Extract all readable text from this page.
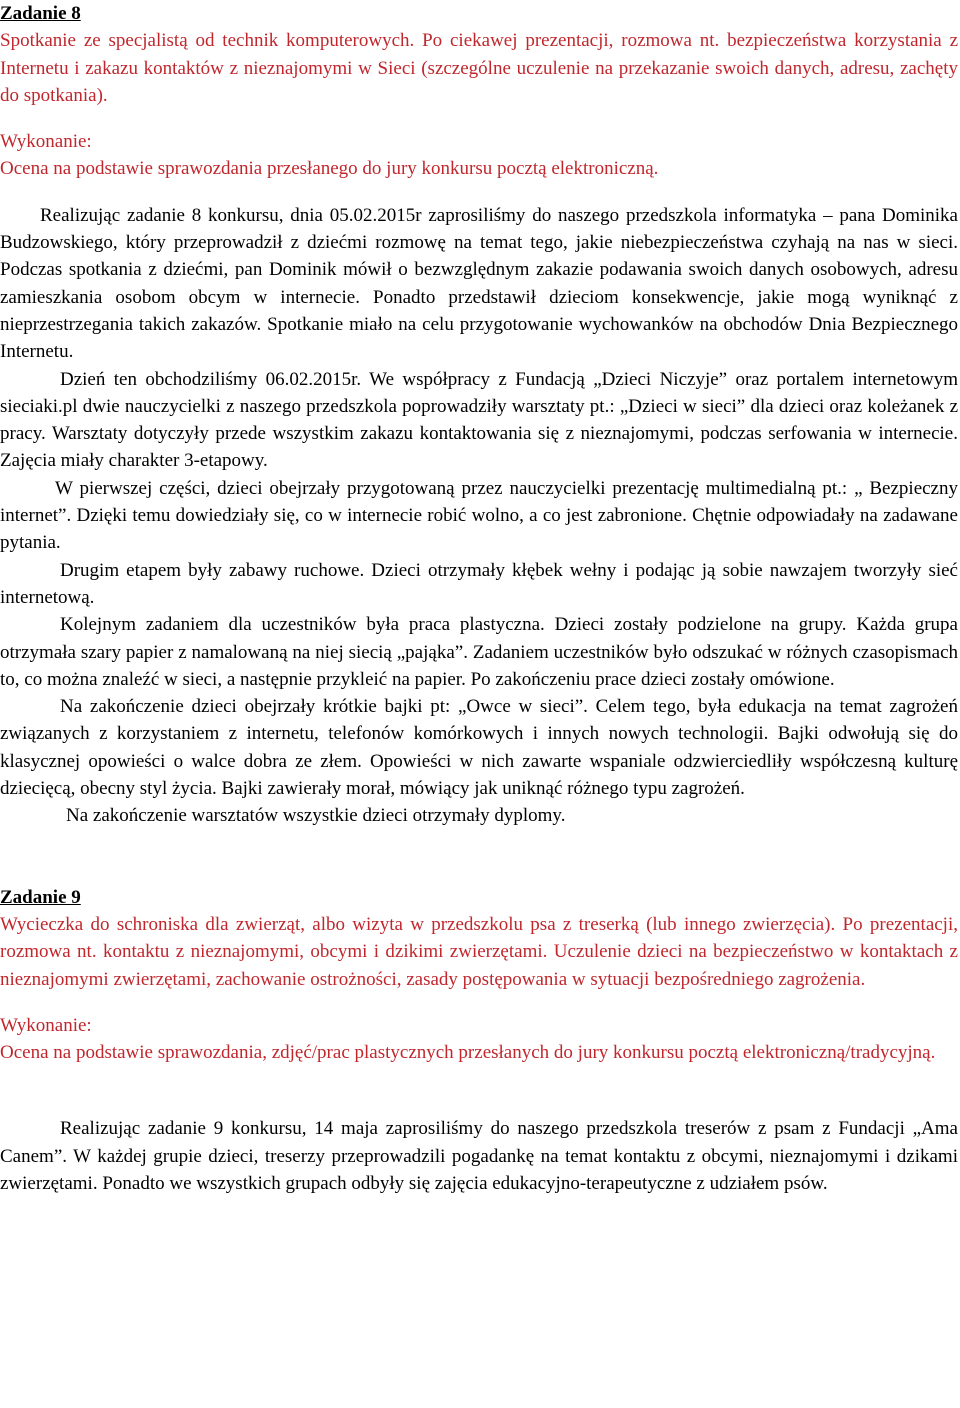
Zadanie 8

Spotkanie ze specjalistą od technik komputerowych. Po ciekawej prezentacji, rozmowa nt. bezpieczeństwa korzystania z Internetu i zakazu kontaktów z nieznajomymi w Sieci (szczególne uczulenie na przekazanie swoich danych, adresu, zachęty do spotkania).

Wykonanie:

Ocena na podstawie sprawozdania przesłanego do jury konkursu pocztą elektroniczną.

Realizując zadanie 8 konkursu, dnia 05.02.2015r zaprosiliśmy do naszego przedszkola informatyka – pana Dominika Budzowskiego, który przeprowadził z dziećmi rozmowę na temat tego, jakie niebezpieczeństwa czyhają na nas w sieci. Podczas spotkania z dziećmi, pan Dominik mówił o bezwzględnym zakazie podawania swoich danych osobowych, adresu zamieszkania osobom obcym w internecie. Ponadto przedstawił dzieciom konsekwencje, jakie mogą wyniknąć z nieprzestrzegania takich zakazów. Spotkanie miało na celu przygotowanie wychowanków na obchodów Dnia Bezpiecznego Internetu.

Dzień ten obchodziliśmy 06.02.2015r. We współpracy z Fundacją „Dzieci Niczyje” oraz portalem internetowym sieciaki.pl dwie nauczycielki z naszego przedszkola poprowadziły warsztaty pt.: „Dzieci w sieci” dla dzieci oraz koleżanek z pracy. Warsztaty dotyczyły przede wszystkim zakazu kontaktowania się z nieznajomymi, podczas serfowania w internecie. Zajęcia miały charakter 3-etapowy.

W pierwszej części, dzieci obejrzały przygotowaną przez nauczycielki prezentację multimedialną pt.: „ Bezpieczny internet”. Dzięki temu dowiedziały się, co w internecie robić wolno, a co jest zabronione. Chętnie odpowiadały na zadawane pytania.

Drugim etapem były zabawy ruchowe. Dzieci otrzymały kłębek wełny i podając ją sobie nawzajem tworzyły sieć internetową.

Kolejnym zadaniem dla uczestników była praca plastyczna. Dzieci zostały podzielone na grupy. Każda grupa otrzymała szary papier z namalowaną na niej siecią „pająka”. Zadaniem uczestników było odszukać w różnych czasopismach to, co można znaleźć w sieci, a następnie przykleić na papier. Po zakończeniu prace dzieci zostały omówione.

Na zakończenie dzieci obejrzały krótkie bajki pt: „Owce w sieci”. Celem tego, była edukacja na temat zagrożeń związanych z korzystaniem z internetu, telefonów komórkowych i innych nowych technologii. Bajki odwołują się do klasycznej opowieści o walce dobra ze złem. Opowieści w nich zawarte wspaniale odzwierciedliły współczesną kulturę dziecięcą, obecny styl życia. Bajki zawierały morał, mówiący jak uniknąć różnego typu zagrożeń.

Na zakończenie warsztatów wszystkie dzieci otrzymały dyplomy.

Zadanie 9

Wycieczka do schroniska dla zwierząt, albo wizyta w przedszkolu psa z treserką (lub innego zwierzęcia). Po prezentacji, rozmowa nt. kontaktu z nieznajomymi, obcymi i dzikimi zwierzętami. Uczulenie dzieci na bezpieczeństwo w kontaktach z nieznajomymi zwierzętami, zachowanie ostrożności, zasady postępowania w sytuacji bezpośredniego zagrożenia.

Wykonanie:

Ocena na podstawie sprawozdania, zdjęć/prac plastycznych przesłanych do jury konkursu pocztą elektroniczną/tradycyjną.

Realizując zadanie 9 konkursu, 14 maja zaprosiliśmy do naszego przedszkola treserów z psam z Fundacji „Ama Canem”. W każdej grupie dzieci, treserzy przeprowadzili pogadankę na temat kontaktu z obcymi, nieznajomymi i dzikami zwierzętami. Ponadto we wszystkich grupach odbyły się zajęcia edukacyjno-terapeutyczne z udziałem psów.
